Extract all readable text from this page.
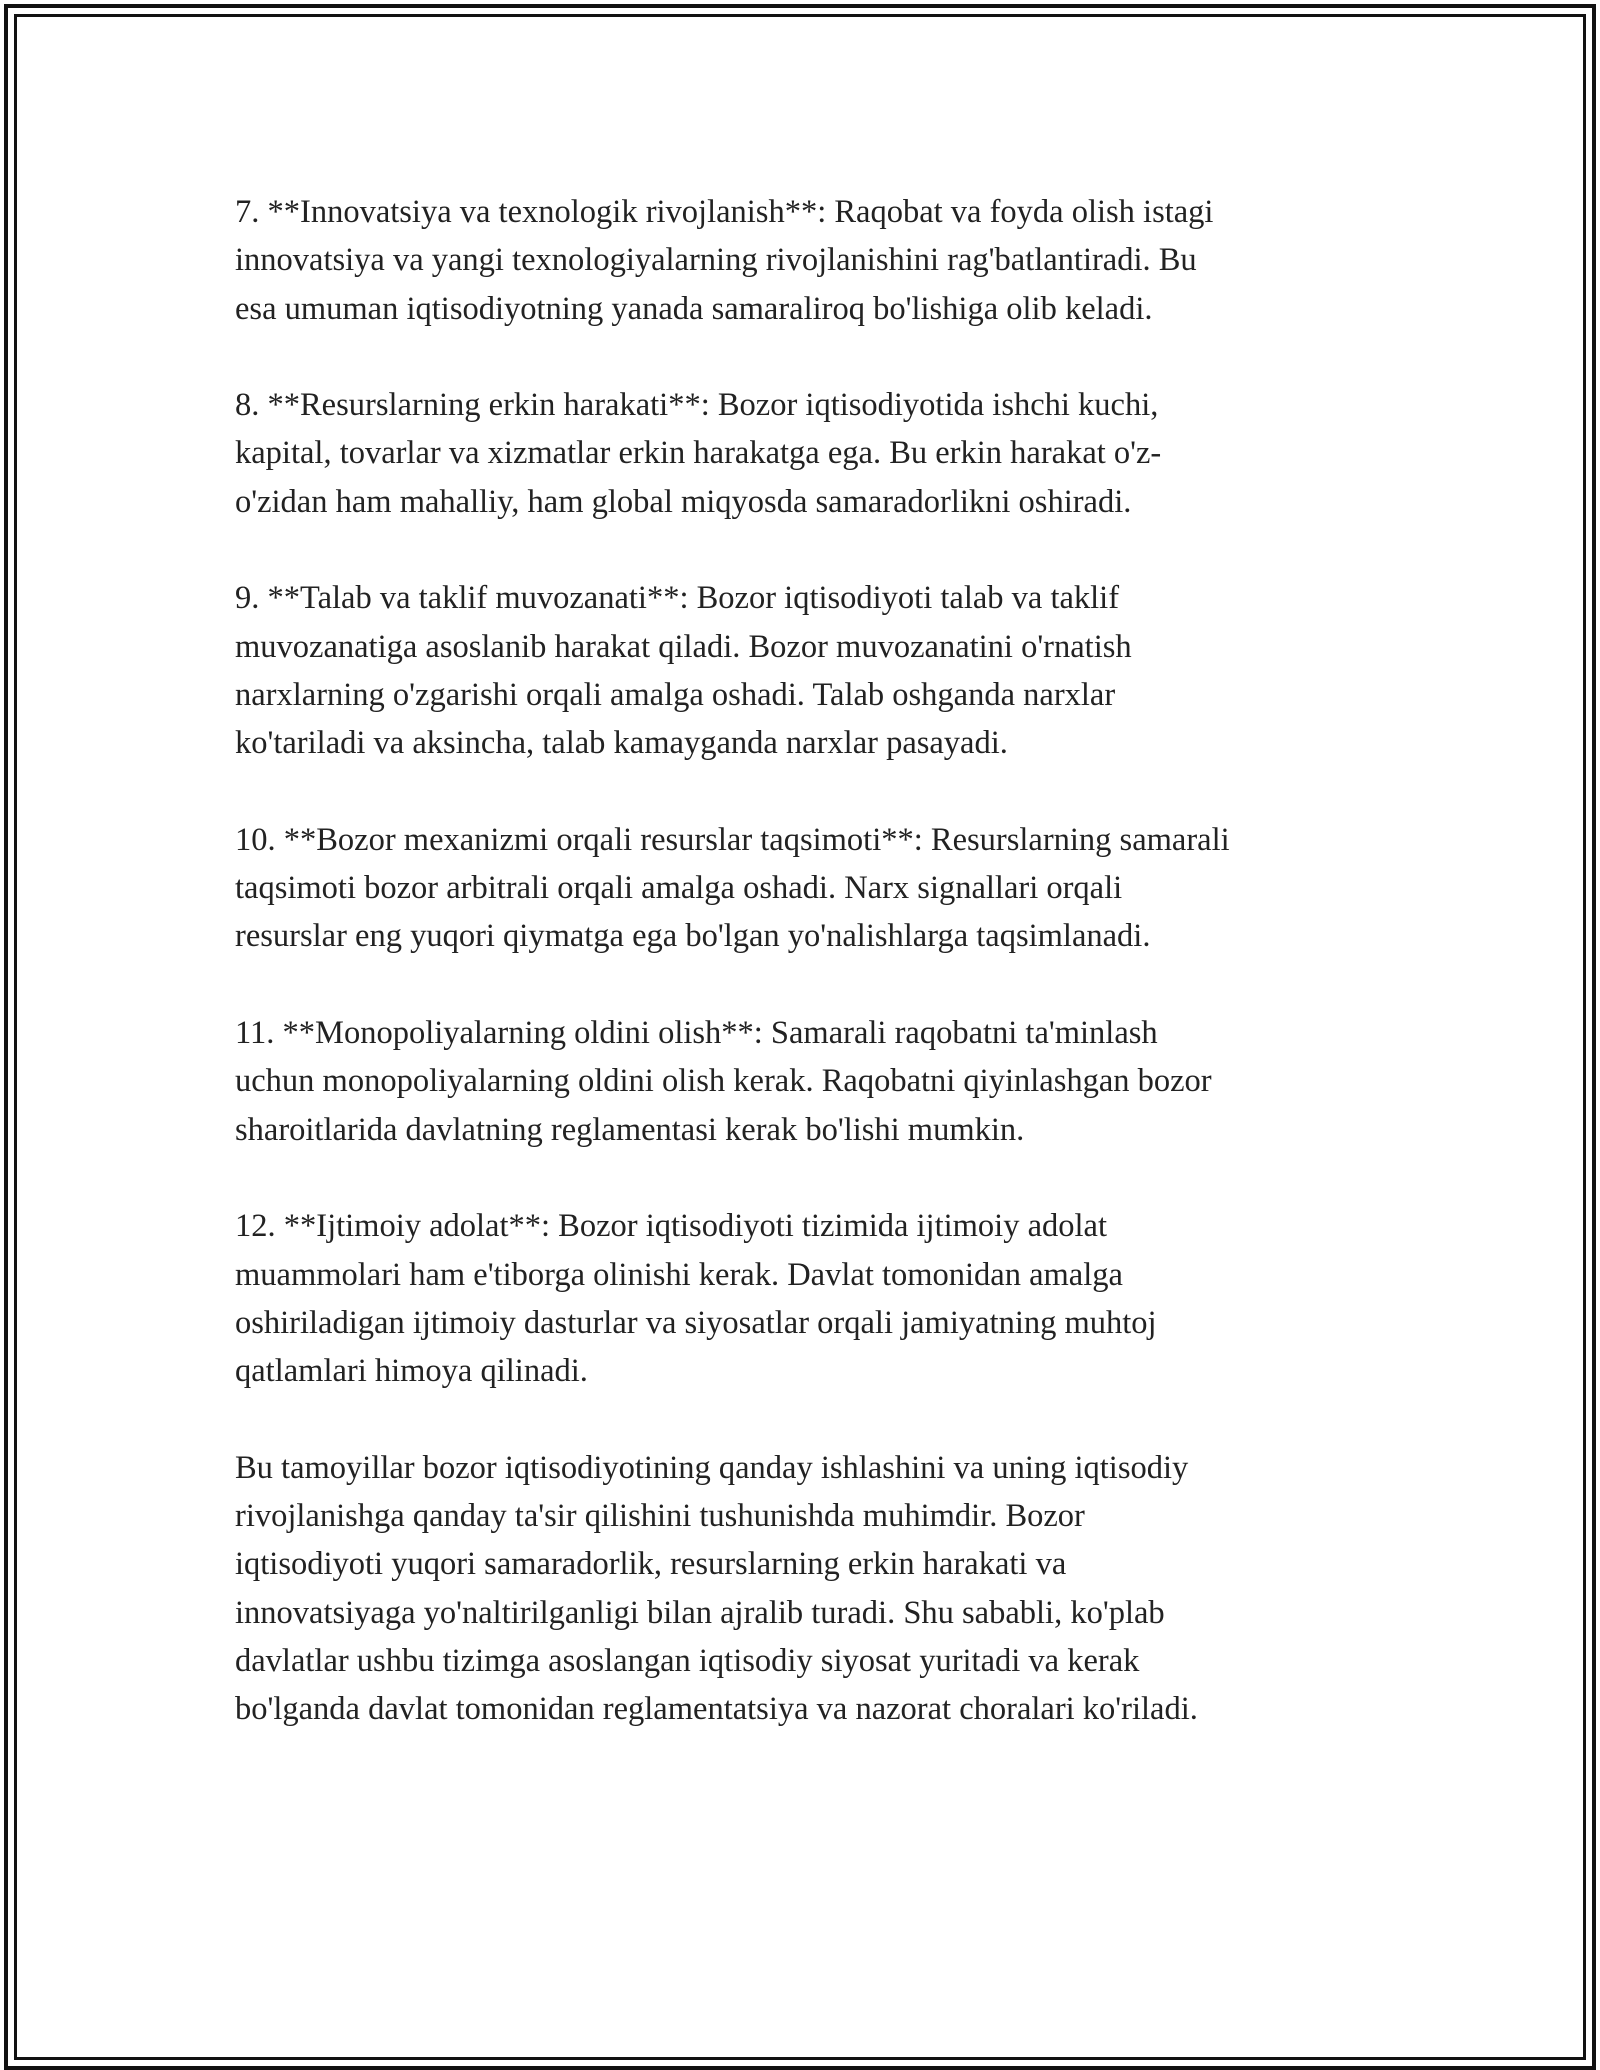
7. **Innovatsiya va texnologik rivojlanish**: Raqobat va foyda olish istagi
innovatsiya va yangi texnologiyalarning rivojlanishini rag'batlantiradi. Bu
esa umuman iqtisodiyotning yanada samaraliroq bo'lishiga olib keladi.

8. **Resurslarning erkin harakati**: Bozor iqtisodiyotida ishchi kuchi,
kapital, tovarlar va xizmatlar erkin harakatga ega. Bu erkin harakat o'z-
o'zidan ham mahalliy, ham global miqyosda samaradorlikni oshiradi.

9. **Talab va taklif muvozanati**: Bozor iqtisodiyoti talab va taklif
muvozanatiga asoslanib harakat qiladi. Bozor muvozanatini o'rnatish
narxlarning o'zgarishi orqali amalga oshadi. Talab oshganda narxlar
ko'tariladi va aksincha, talab kamayganda narxlar pasayadi.

10. **Bozor mexanizmi orqali resurslar taqsimoti**: Resurslarning samarali
taqsimoti bozor arbitrali orqali amalga oshadi. Narx signallari orqali
resurslar eng yuqori qiymatga ega bo'lgan yo'nalishlarga taqsimlanadi.

11. **Monopoliyalarning oldini olish**: Samarali raqobatni ta'minlash
uchun monopoliyalarning oldini olish kerak. Raqobatni qiyinlashgan bozor
sharoitlarida davlatning reglamentasi kerak bo'lishi mumkin.

12. **Ijtimoiy adolat**: Bozor iqtisodiyoti tizimida ijtimoiy adolat
muammolari ham e'tiborga olinishi kerak. Davlat tomonidan amalga
oshiriladigan ijtimoiy dasturlar va siyosatlar orqali jamiyatning muhtoj
qatlamlari himoya qilinadi.

Bu tamoyillar bozor iqtisodiyotining qanday ishlashini va uning iqtisodiy
rivojlanishga qanday ta'sir qilishini tushunishda muhimdir. Bozor
iqtisodiyoti yuqori samaradorlik, resurslarning erkin harakati va
innovatsiyaga yo'naltirilganligi bilan ajralib turadi. Shu sababli, ko'plab
davlatlar ushbu tizimga asoslangan iqtisodiy siyosat yuritadi va kerak
bo'lganda davlat tomonidan reglamentatsiya va nazorat choralari ko'riladi.
